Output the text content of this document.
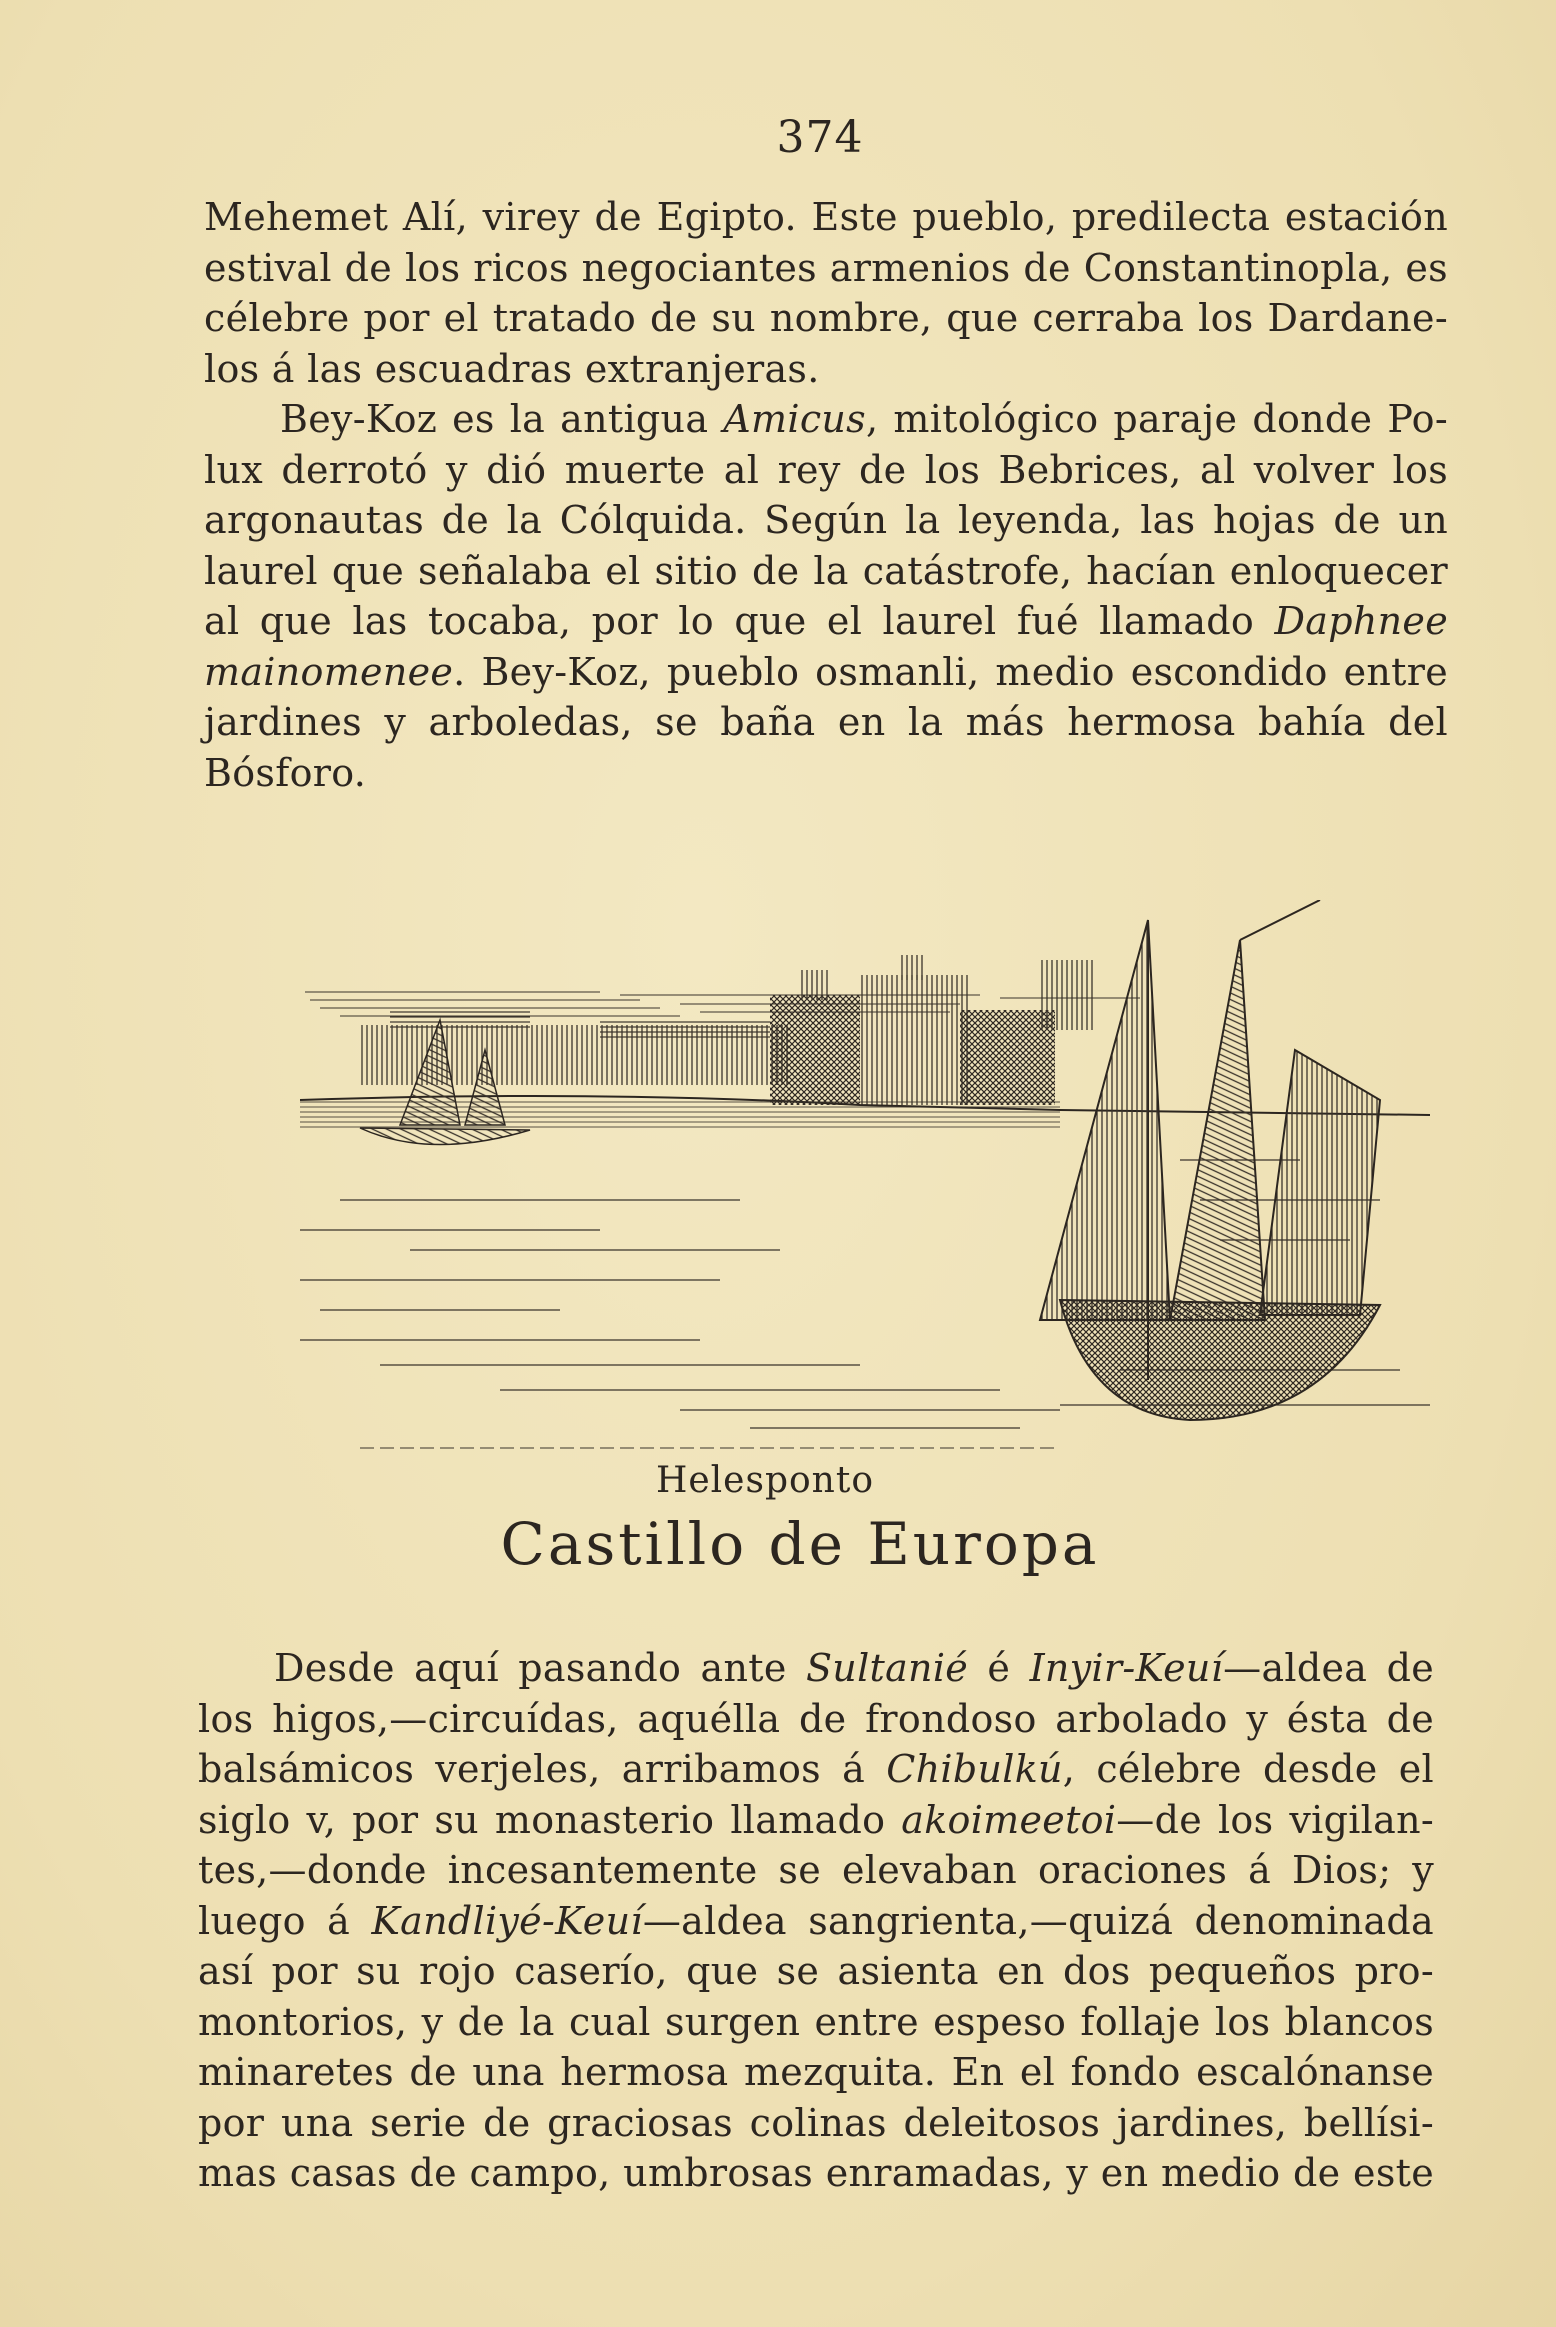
374
Mehemet Alí, virey de Egipto. Este pueblo, predilecta estación
estival de los ricos negociantes armenios de Constantinopla, es
célebre por el tratado de su nombre, que cerraba los Dardane-
los á las escuadras extranjeras.
Bey-Koz es la antigua Amicus, mitológico paraje donde Po-
lux derrotó y dió muerte al rey de los Bebrices, al volver los
argonautas de la Cólquida. Según la leyenda, las hojas de un
laurel que señalaba el sitio de la catástrofe, hacían enloquecer
al que las tocaba, por lo que el laurel fué llamado Daphnee
mainomenee. Bey-Koz, pueblo osmanli, medio escondido entre
jardines y arboledas, se baña en la más hermosa bahía del
Bósforo.
Helesponto
Castillo de Europa
Desde aquí pasando ante Sultanié é Inyir-Keuí—aldea de
los higos,—circuídas, aquélla de frondoso arbolado y ésta de
balsámicos verjeles, arribamos á Chibulkú, célebre desde el
siglo v, por su monasterio llamado akoimeetoi—de los vigilan-
tes,—donde incesantemente se elevaban oraciones á Dios; y
luego á Kandliyé-Keuí—aldea sangrienta,—quizá denominada
así por su rojo caserío, que se asienta en dos pequeños pro-
montorios, y de la cual surgen entre espeso follaje los blancos
minaretes de una hermosa mezquita. En el fondo escalónanse
por una serie de graciosas colinas deleitosos jardines, bellísi-
mas casas de campo, umbrosas enramadas, y en medio de este
